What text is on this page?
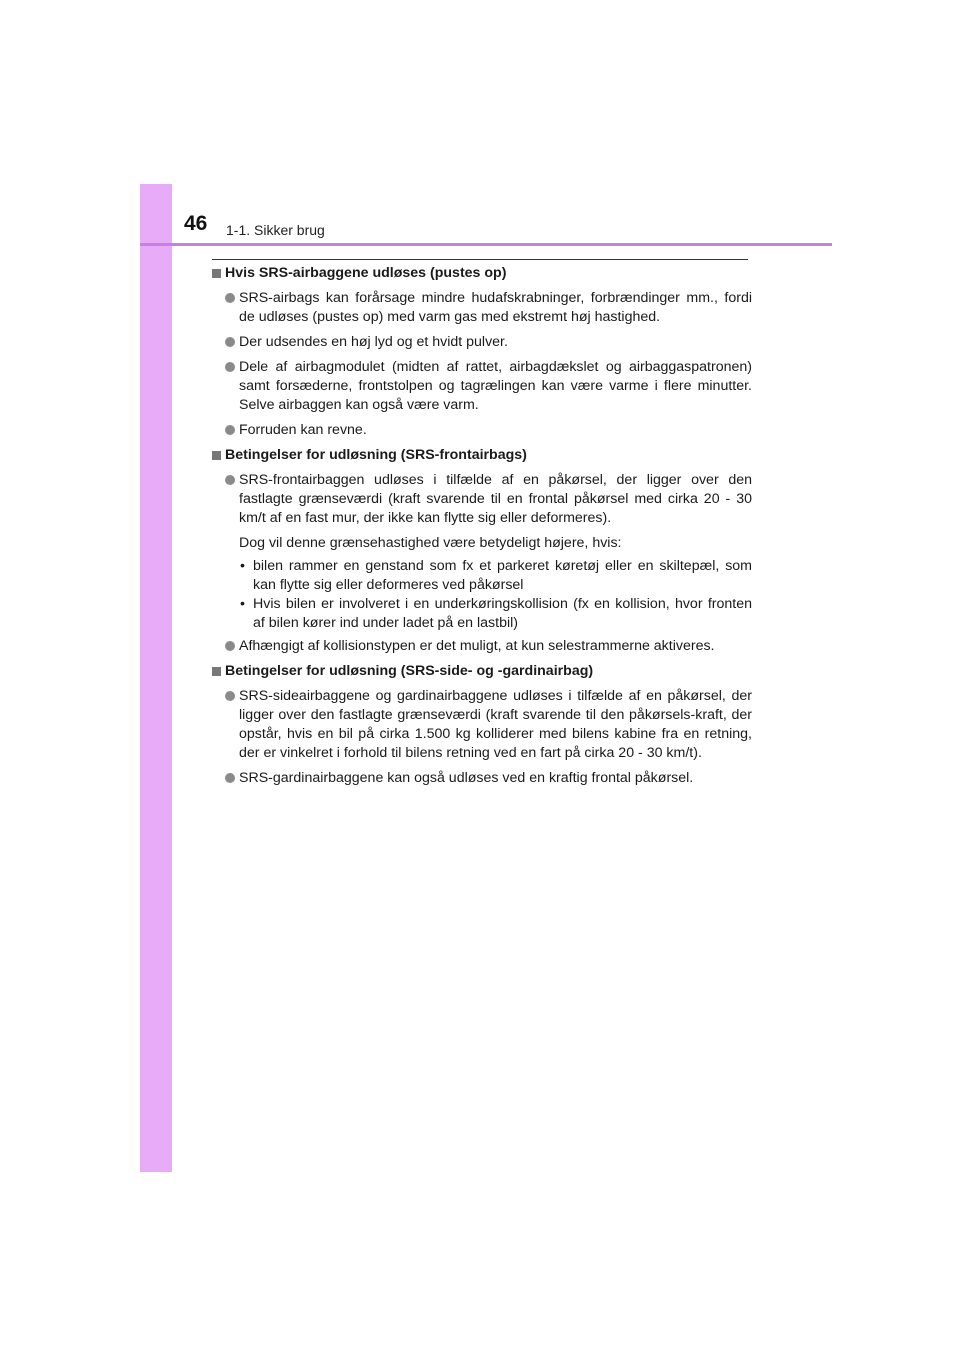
46 1-1. Sikker brug
Hvis SRS-airbaggene udløses (pustes op)
SRS-airbags kan forårsage mindre hudafskrabninger, forbrændinger mm., fordi de udløses (pustes op) med varm gas med ekstremt høj hastighed.
Der udsendes en høj lyd og et hvidt pulver.
Dele af airbagmodulet (midten af rattet, airbagdækslet og airbaggaspatronen) samt forsæderne, frontstolpen og tagrælingen kan være varme i flere minutter. Selve airbaggen kan også være varm.
Forruden kan revne.
Betingelser for udløsning (SRS-frontairbags)
SRS-frontairbaggen udløses i tilfælde af en påkørsel, der ligger over den fastlagte grænseværdi (kraft svarende til en frontal påkørsel med cirka 20 - 30 km/t af en fast mur, der ikke kan flytte sig eller deformeres).
Dog vil denne grænsehastighed være betydeligt højere, hvis:
• bilen rammer en genstand som fx et parkeret køretøj eller en skiltepæl, som kan flytte sig eller deformeres ved påkørsel
• Hvis bilen er involveret i en underkøringskollision (fx en kollision, hvor fronten af bilen kører ind under ladet på en lastbil)
Afhængigt af kollisionstypen er det muligt, at kun selestrammerne aktiveres.
Betingelser for udløsning (SRS-side- og -gardinairbag)
SRS-sideairbaggene og gardinairbaggene udløses i tilfælde af en påkørsel, der ligger over den fastlagte grænseværdi (kraft svarende til den påkørsels-kraft, der opstår, hvis en bil på cirka 1.500 kg kolliderer med bilens kabine fra en retning, der er vinkelret i forhold til bilens retning ved en fart på cirka 20 - 30 km/t).
SRS-gardinairbaggene kan også udløses ved en kraftig frontal påkørsel.
